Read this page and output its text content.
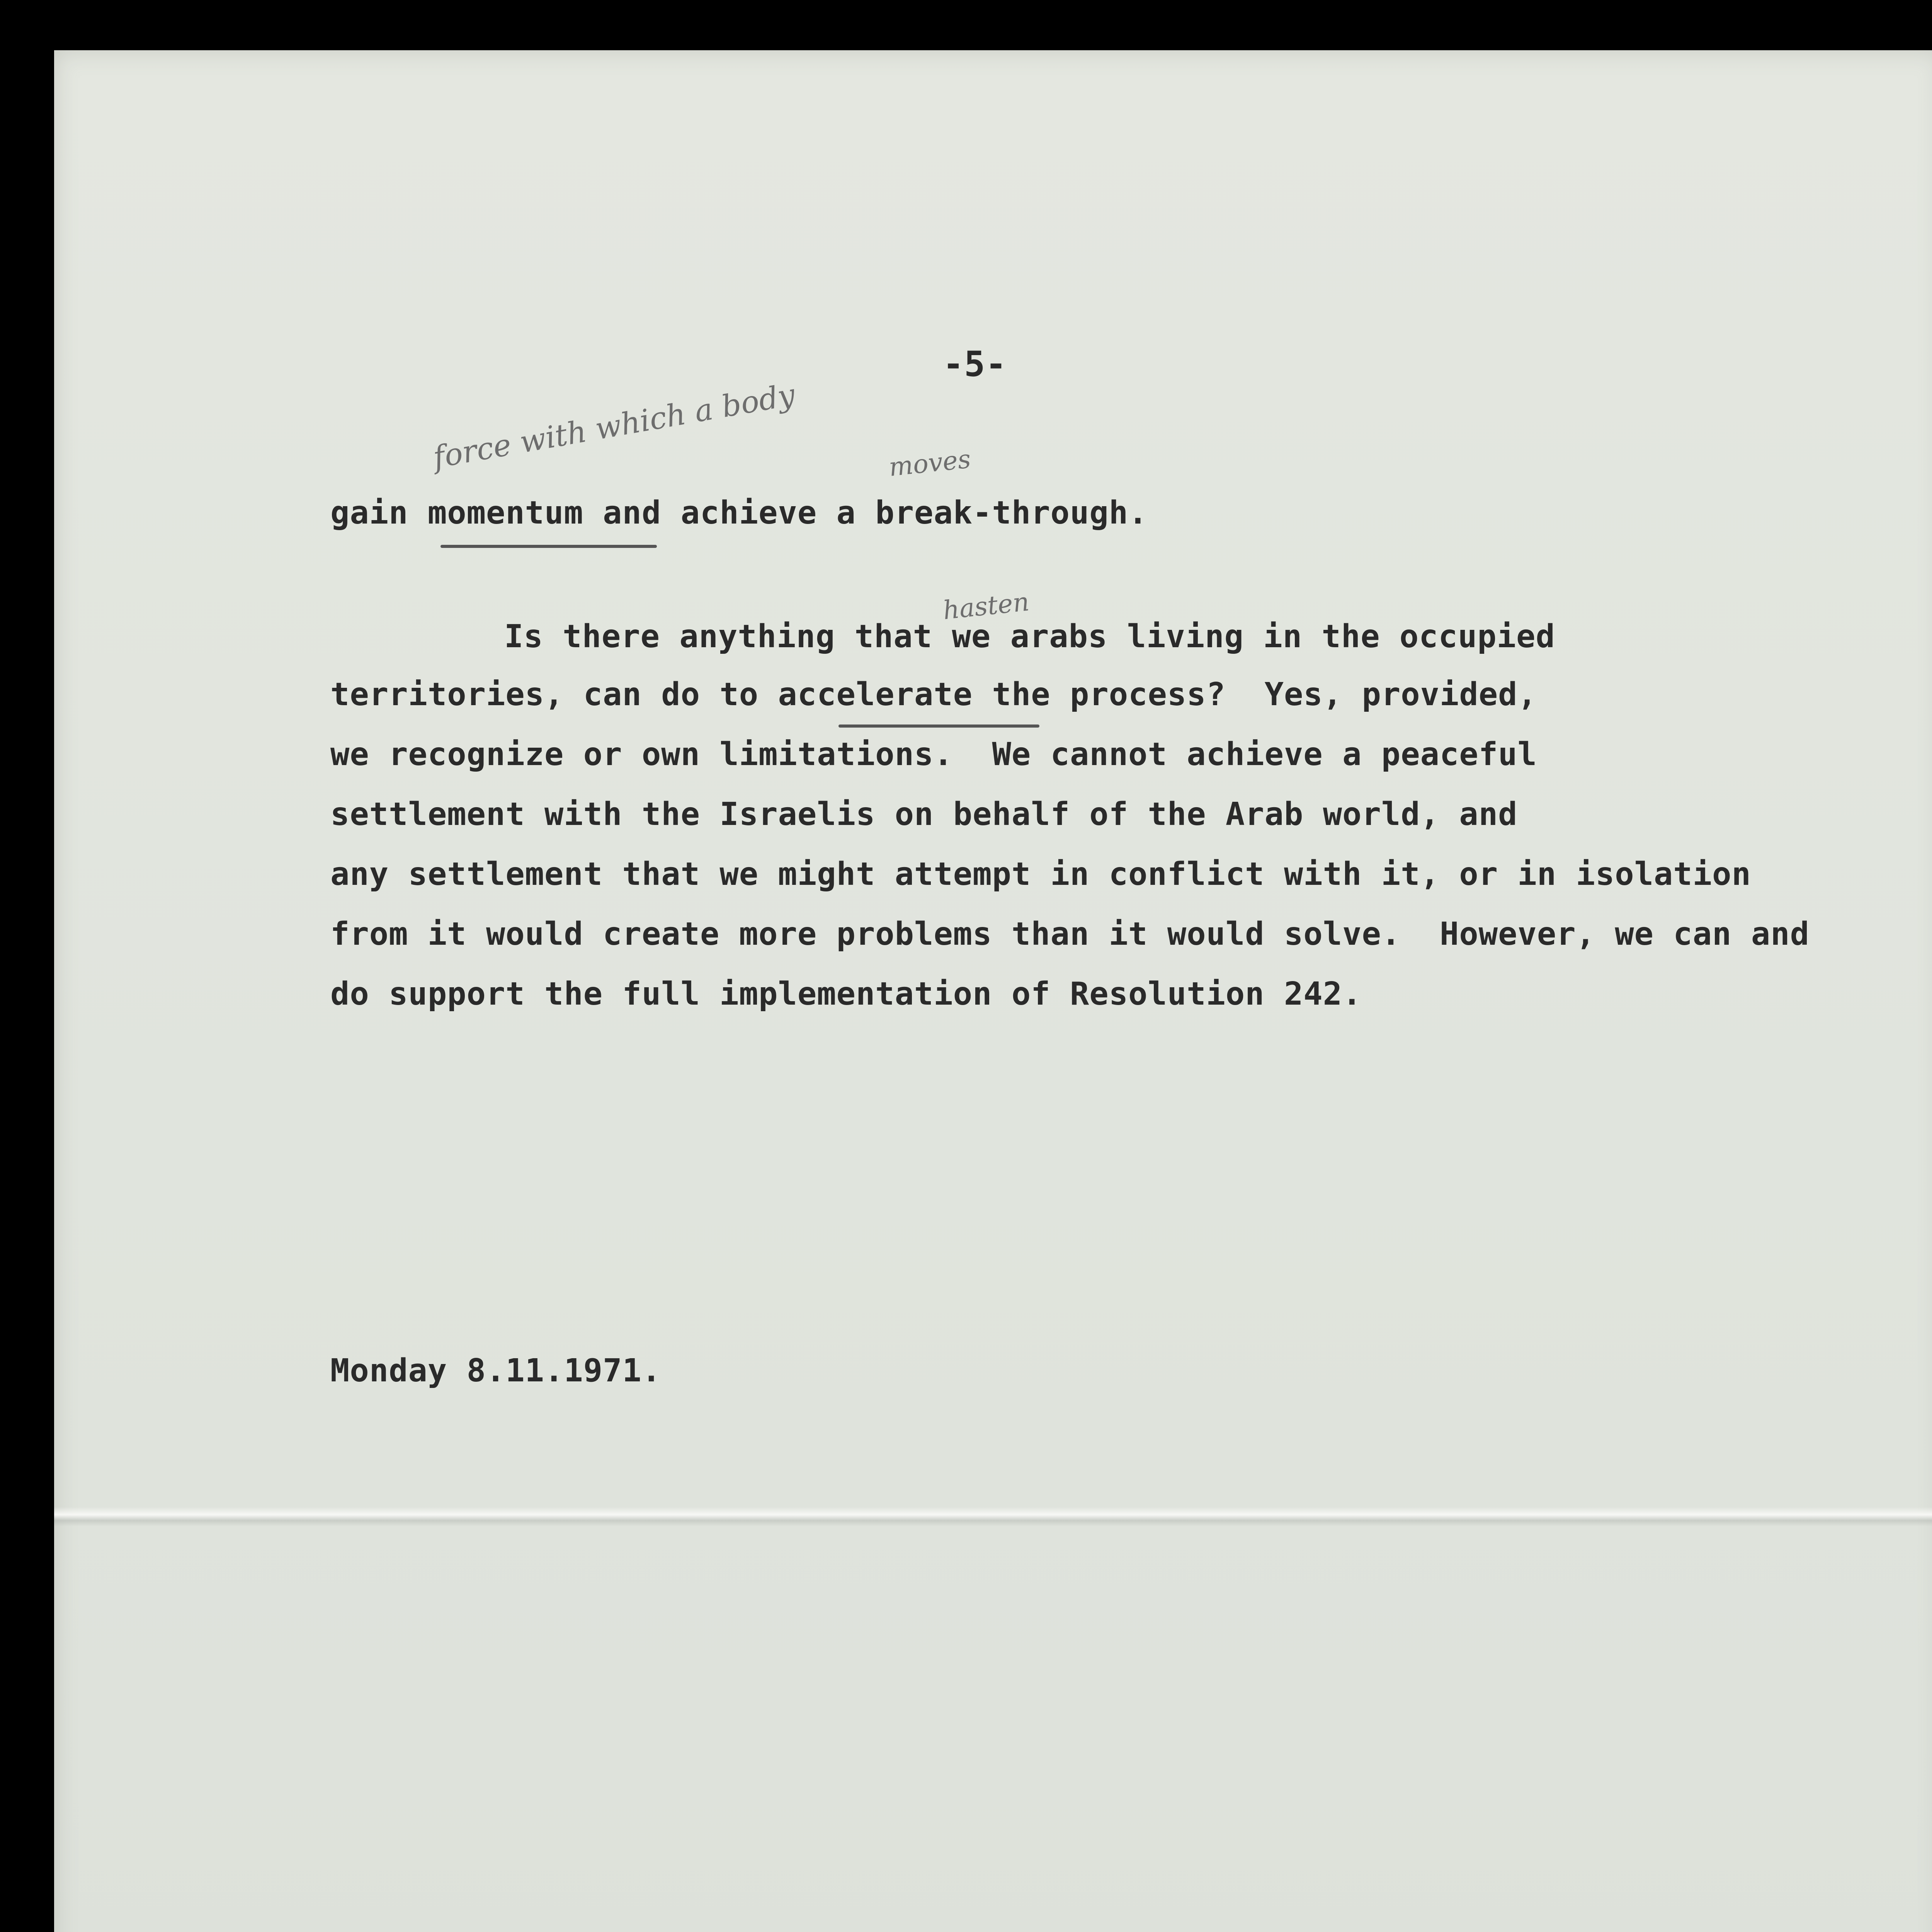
-5-
force with which a body	moves
gain momentum and achieve a break-through.
hasten
Is there anything that we arabs living in the occupied
territories, can do to accelerate the process?  Yes, provided,
we recognize or own limitations.  We cannot achieve a peaceful
settlement with the Israelis on behalf of the Arab world, and
any settlement that we might attempt in conflict with it, or in isolation
from it would create more problems than it would solve.  However, we can and
do support the full implementation of Resolution 242.
Monday 8.11.1971.
